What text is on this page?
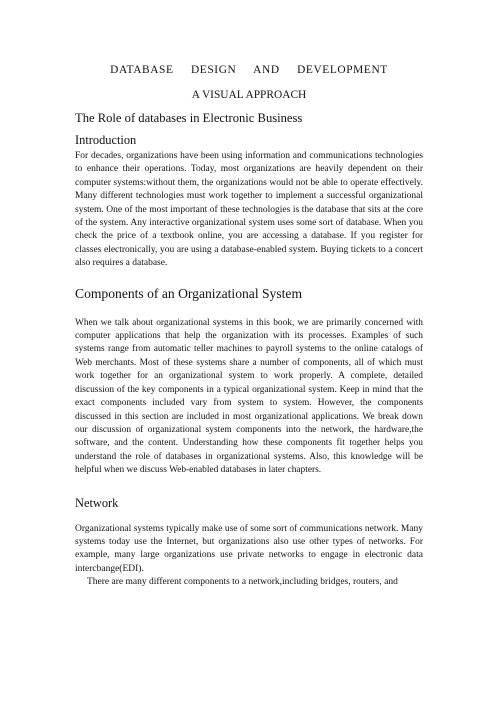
DATABASE DESIGN AND DEVELOPMENT

A VISUAL APPROACH

The Role of databases in Electronic Business

Introduction

For decades, organizations have been using information and communications technologies to enhance their operations. Today, most organizations are heavily dependent on their computer systems:without them, the organizations would not be able to operate effectively. Many different technologies must work together to implement a successful organizational system. One of the most important of these technologies is the database that sits at the core of the system. Any interactive organizational system uses some sort of database. When you check the price of a textbook online, you are accessing a database. If you register for classes electronically, you are using a database-enabled system. Buying tickets to a concert also requires a database.

Components of an Organizational System

When we talk about organizational systems in this book, we are primarily concerned with computer applications that help the organization with its processes. Examples of such systems range from automatic teller machines to payroll systems to the online catalogs of Web merchants. Most of these systems share a number of components, all of which must work together for an organizational system to work properly. A complete, detailed discussion of the key components in a typical organizational system. Keep in mind that the exact components included vary from system to system. However, the components discussed in this section are included in most organizational applications. We break down our discussion of organizational system components into the network, the hardware,the software, and the content. Understanding how these components fit together helps you understand the role of databases in organizational systems. Also, this knowledge will be helpful when we discuss Web-enabled databases in later chapters.

Network

Organizational systems typically make use of some sort of communications network. Many systems today use the Internet, but organizations also use other types of networks. For example, many large organizations use private networks to engage in electronic data intercbange(EDI).

There are many different components to a network,including bridges, routers, and
